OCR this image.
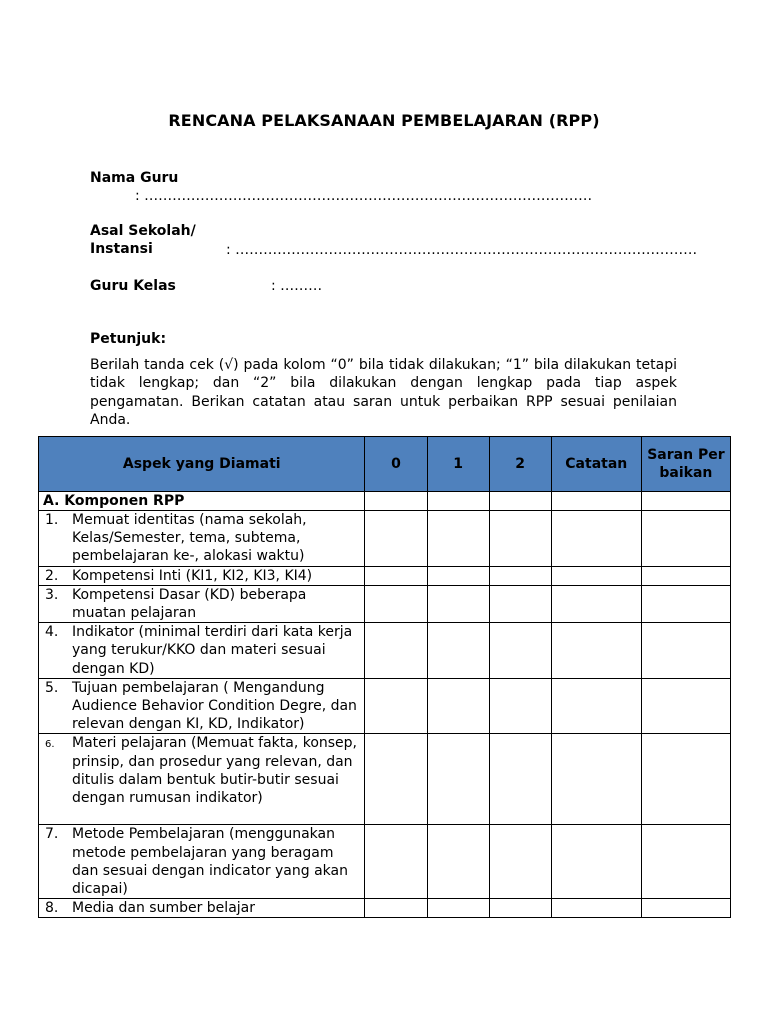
RENCANA PELAKSANAAN PEMBELAJARAN (RPP)
Nama Guru
: ……………………………………………………………………………………
Asal Sekolah/
Instansi	: ………………………………………………………………………………………
Guru Kelas	: ………
Petunjuk:
Berilah tanda cek (√) pada kolom “0” bila tidak dilakukan; “1” bila dilakukan tetapi tidak lengkap; dan “2” bila dilakukan dengan lengkap pada tiap aspek pengamatan. Berikan catatan atau saran untuk perbaikan RPP sesuai penilaian Anda.
Aspek yang Diamati	0	1	2	Catatan	Saran Perbaikan
A. Komponen RPP					

1. Memuat identitas (nama sekolah, Kelas/Semester, tema, subtema, pembelajaran ke-, alokasi waktu)					

2. Kompetensi Inti (KI1, KI2, KI3, KI4)					

3. Kompetensi Dasar (KD) beberapa muatan pelajaran					

4. Indikator (minimal terdiri dari kata kerja yang terukur/KKO dan materi sesuai dengan KD)					

5. Tujuan pembelajaran ( Mengandung Audience Behavior Condition Degre, dan relevan dengan KI, KD, Indikator)					

6. Materi pelajaran (Memuat fakta, konsep, prinsip, dan prosedur yang relevan, dan ditulis dalam bentuk butir-butir sesuai dengan rumusan indikator)					

7. Metode Pembelajaran (menggunakan metode pembelajaran yang beragam dan sesuai dengan indicator yang akan dicapai)					

8. Media dan sumber belajar					
